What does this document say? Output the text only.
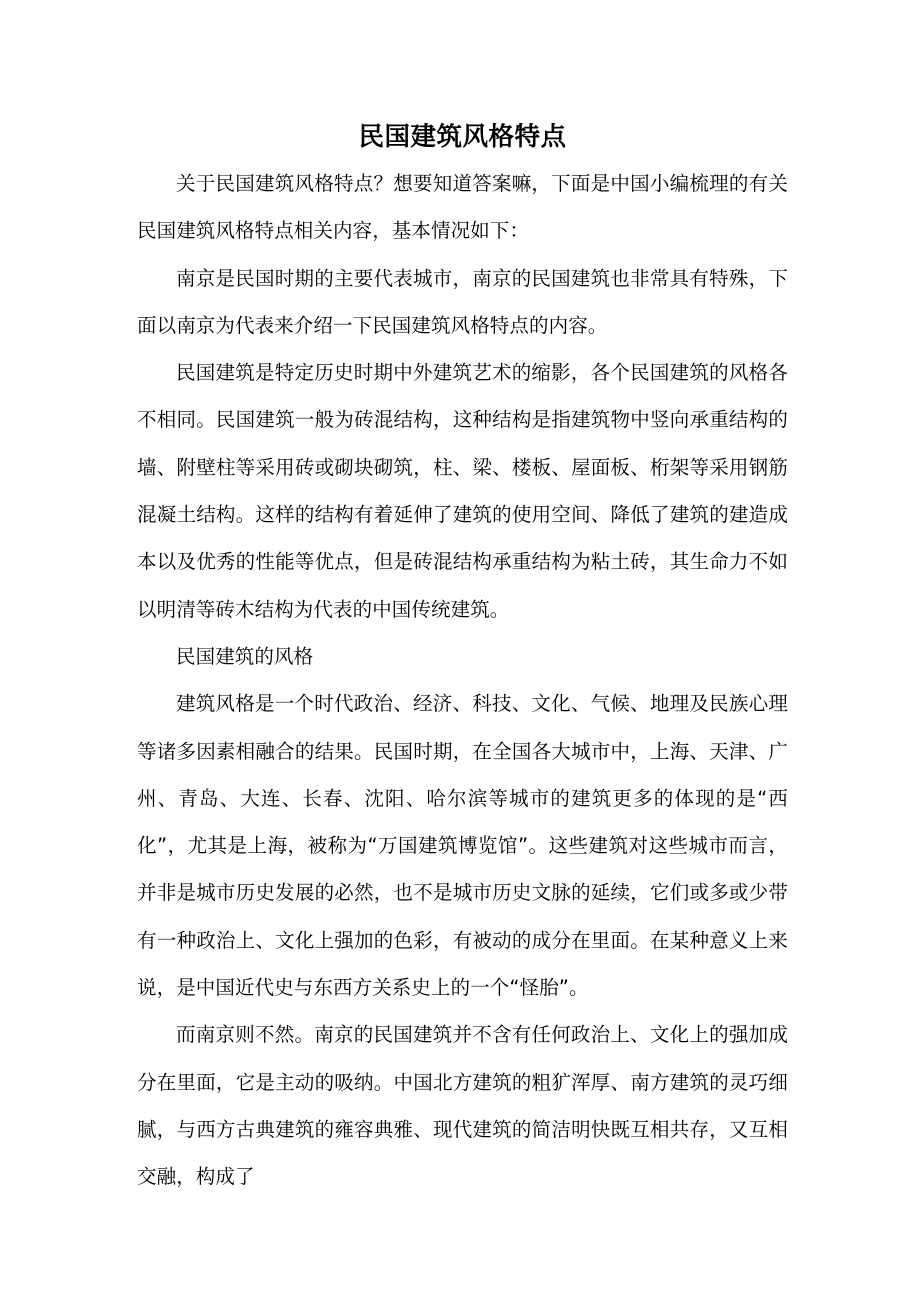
民国建筑风格特点

关于民国建筑风格特点？想要知道答案嘛，下面是中国小编梳理的有关民国建筑风格特点相关内容，基本情况如下：

南京是民国时期的主要代表城市，南京的民国建筑也非常具有特殊，下面以南京为代表来介绍一下民国建筑风格特点的内容。

民国建筑是特定历史时期中外建筑艺术的缩影，各个民国建筑的风格各不相同。民国建筑一般为砖混结构，这种结构是指建筑物中竖向承重结构的墙、附壁柱等采用砖或砌块砌筑，柱、梁、楼板、屋面板、桁架等采用钢筋混凝土结构。这样的结构有着延伸了建筑的使用空间、降低了建筑的建造成本以及优秀的性能等优点，但是砖混结构承重结构为粘土砖，其生命力不如以明清等砖木结构为代表的中国传统建筑。

民国建筑的风格

建筑风格是一个时代政治、经济、科技、文化、气候、地理及民族心理等诸多因素相融合的结果。民国时期，在全国各大城市中，上海、天津、广州、青岛、大连、长春、沈阳、哈尔滨等城市的建筑更多的体现的是“西化”，尤其是上海，被称为“万国建筑博览馆”。这些建筑对这些城市而言，并非是城市历史发展的必然，也不是城市历史文脉的延续，它们或多或少带有一种政治上、文化上强加的色彩，有被动的成分在里面。在某种意义上来说，是中国近代史与东西方关系史上的一个“怪胎”。

而南京则不然。南京的民国建筑并不含有任何政治上、文化上的强加成分在里面，它是主动的吸纳。中国北方建筑的粗犷浑厚、南方建筑的灵巧细腻，与西方古典建筑的雍容典雅、现代建筑的简洁明快既互相共存，又互相交融，构成了
